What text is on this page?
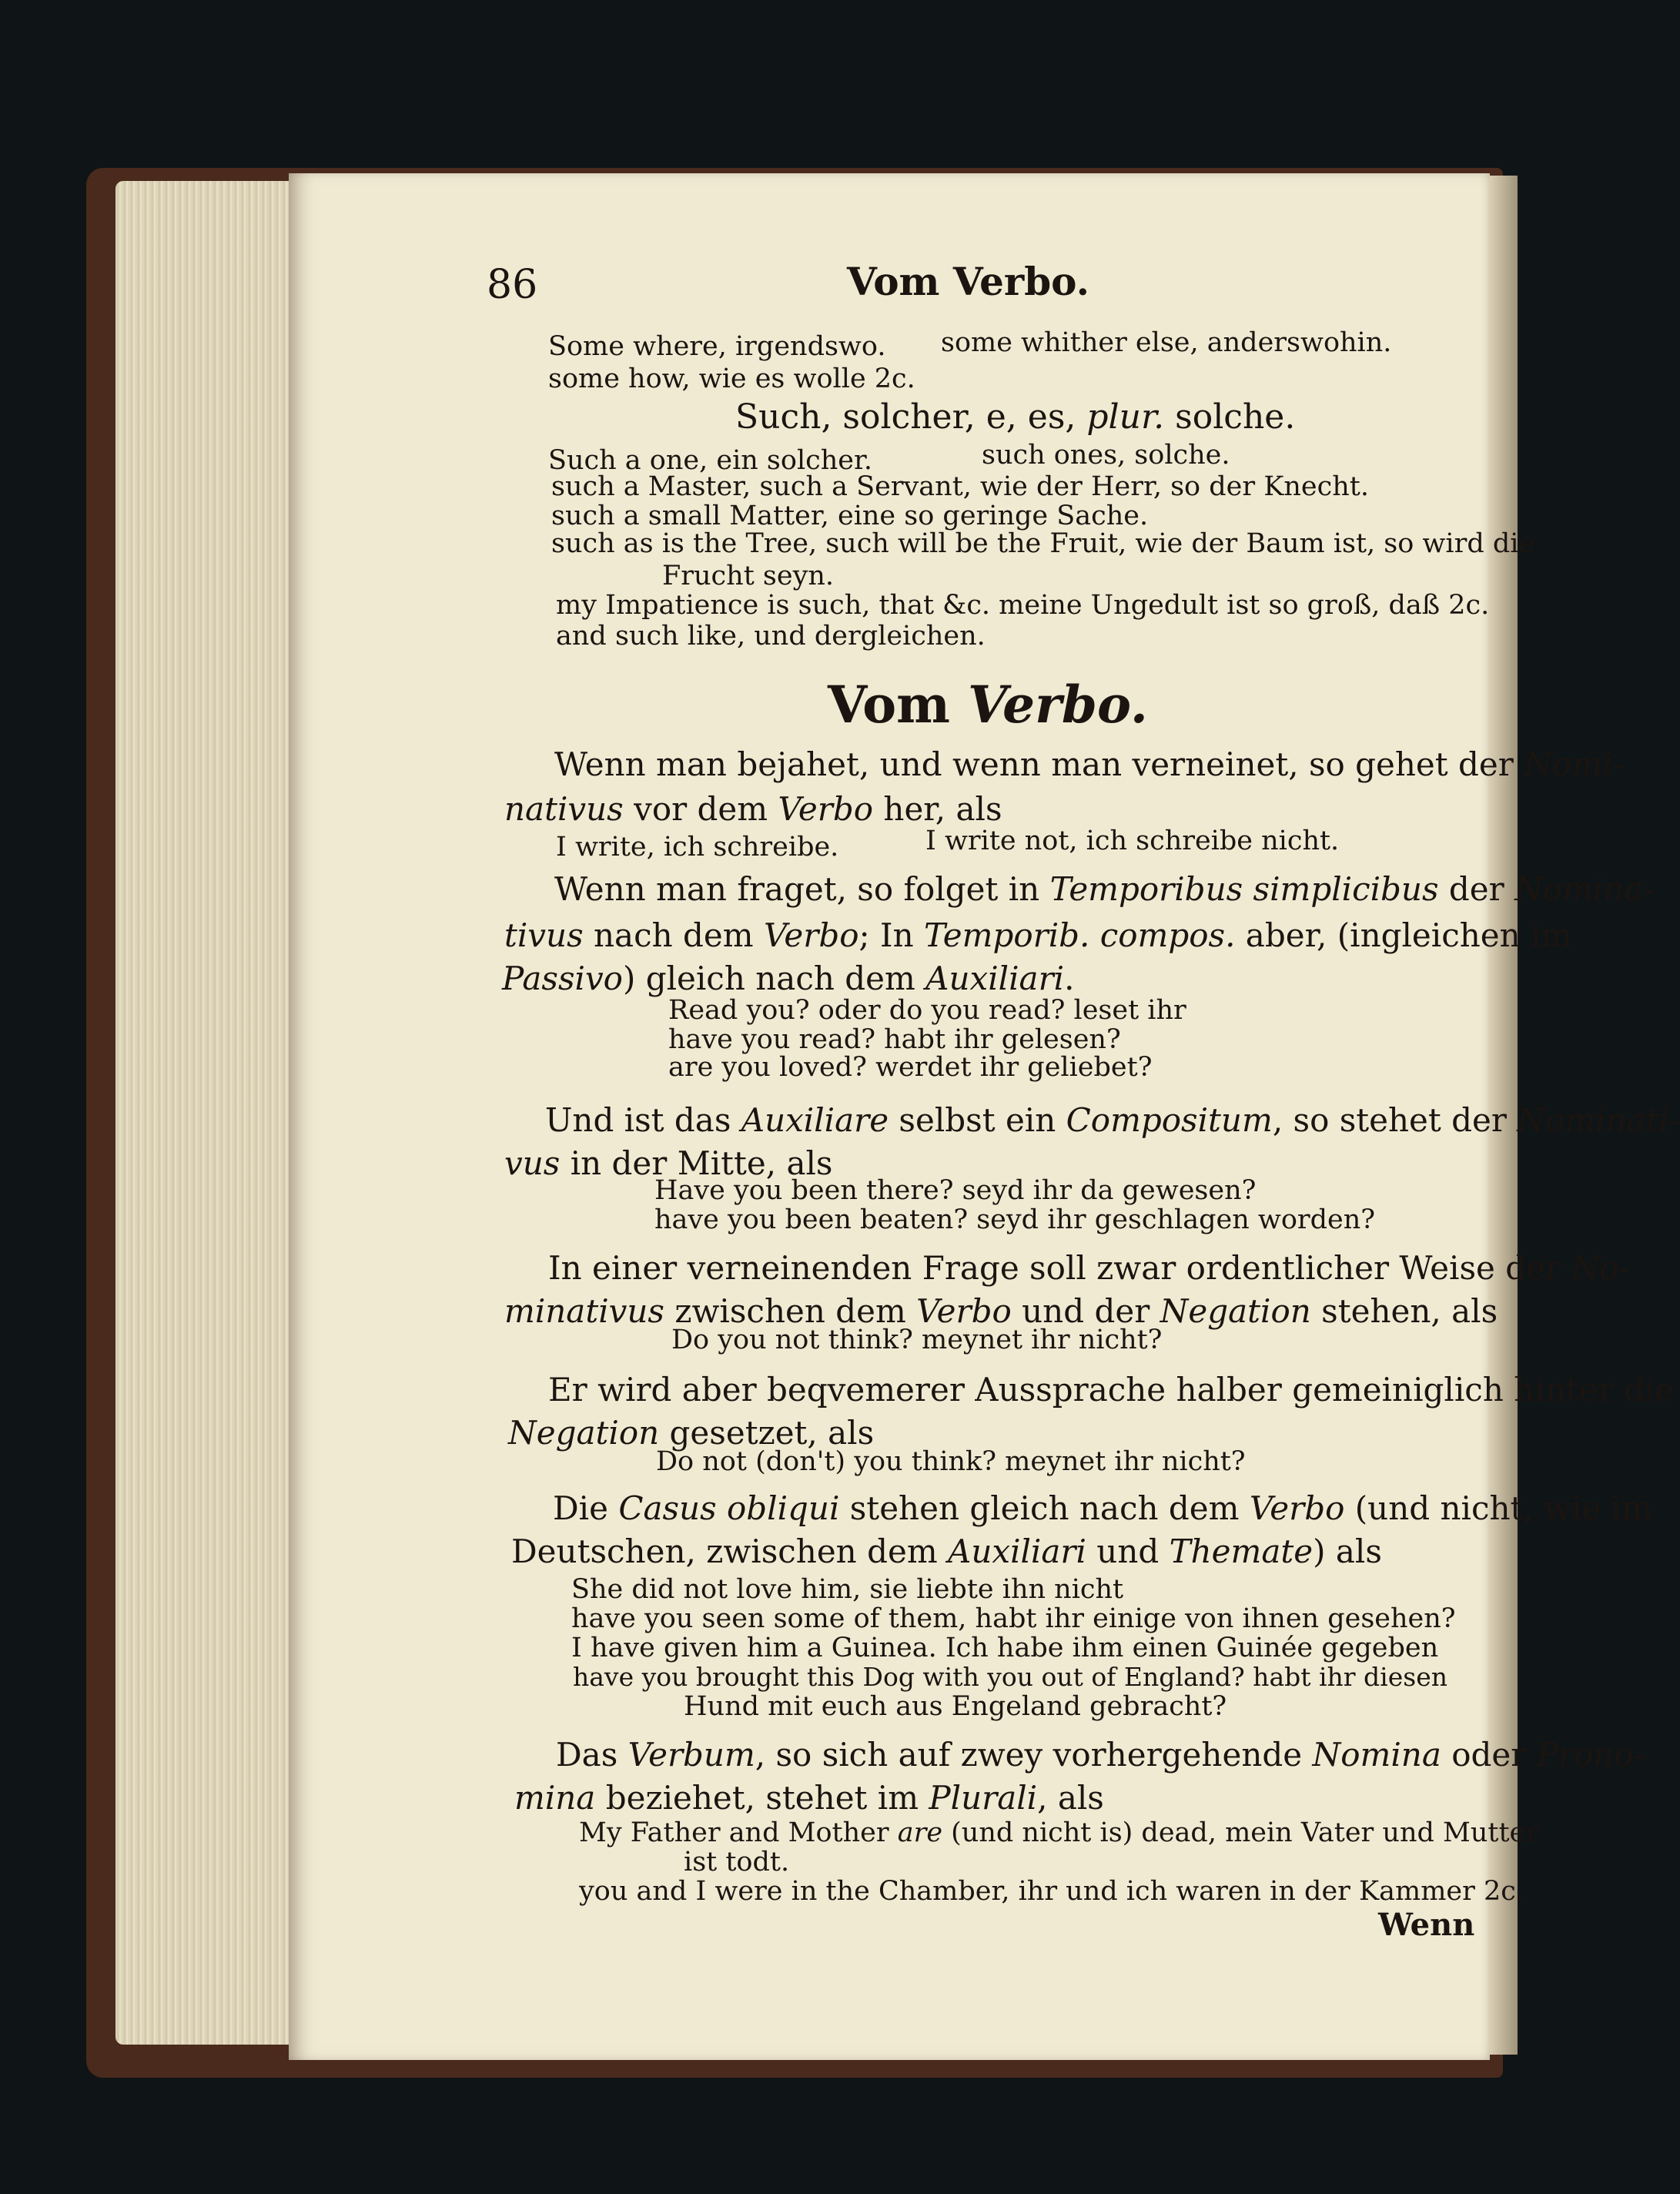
86	Vom Verbo.
Some where, irgendswo. some whither else, anderswohin.
some how, wie es wolle 2c.
Such, solcher, e, es, plur. solche.
Such a one, ein solcher.	such ones, solche.
such a Master, such a Servant, wie der Herr, so der Knecht.
such a small Matter, eine so geringe Sache.
such as is the Tree, such will be the Fruit, wie der Baum ist, so wird die
Frucht seyn.
my Impatience is such, that &c. meine Ungedult ist so groß, daß 2c.
and such like, und dergleichen.
Vom Verbo.
Wenn man bejahet, und wenn man verneinet, so gehet der Nomi-
nativus vor dem Verbo her, als
I write, ich schreibe.	I write not, ich schreibe nicht.
Wenn man fraget, so folget in Temporibus simplicibus der Nomina-
tivus nach dem Verbo; In Temporib. compos. aber, (ingleichen im
Passivo) gleich nach dem Auxiliari.
Read you? oder do you read? leset ihr
have you read? habt ihr gelesen?
are you loved? werdet ihr geliebet?
Und ist das Auxiliare selbst ein Compositum, so stehet der Nominati-
vus in der Mitte, als
Have you been there? seyd ihr da gewesen?
have you been beaten? seyd ihr geschlagen worden?
In einer verneinenden Frage soll zwar ordentlicher Weise der No-
minativus zwischen dem Verbo und der Negation stehen, als
Do you not think? meynet ihr nicht?
Er wird aber beqvemerer Aussprache halber gemeiniglich hinter die
Negation gesetzet, als
Do not (don't) you think? meynet ihr nicht?
Die Casus obliqui stehen gleich nach dem Verbo (und nicht, wie im
Deutschen, zwischen dem Auxiliari und Themate) als
She did not love him, sie liebte ihn nicht
have you seen some of them, habt ihr einige von ihnen gesehen?
I have given him a Guinea. Ich habe ihm einen Guinée gegeben
have you brought this Dog with you out of England? habt ihr diesen
Hund mit euch aus Engeland gebracht?
Das Verbum, so sich auf zwey vorhergehende Nomina oder Prono-
mina beziehet, stehet im Plurali, als
My Father and Mother are (und nicht is) dead, mein Vater und Mutter
ist todt.
you and I were in the Chamber, ihr und ich waren in der Kammer 2c.
Wenn
